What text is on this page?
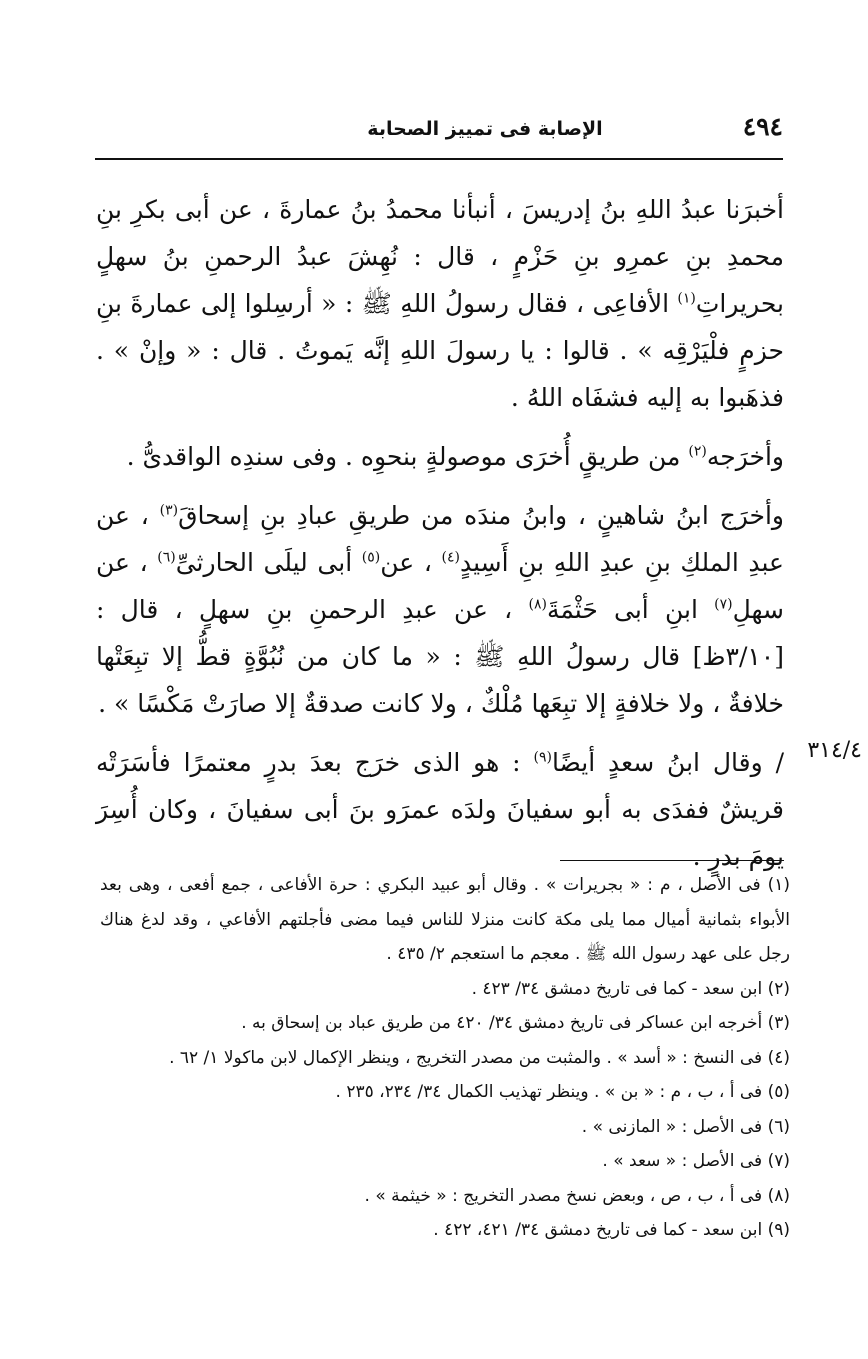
٤٩٤
الإصابة فى تمييز الصحابة

أخبرَنا عبدُ اللهِ بنُ إدريسَ ، أنبأنا محمدُ بنُ عمارةَ ، عن أبى بكرِ بنِ محمدِ بنِ عمرِو بنِ حَزْمٍ ، قال : نُهِشَ عبدُ الرحمنِ بنُ سهلٍ بحريراتِ$^{(١)}$ الأفاعِى ، فقال رسولُ اللهِ ﷺ : « أرسِلوا إلى عمارةَ بنِ حزمٍ فلْيَرْقِه » . قالوا : يا رسولَ اللهِ إنَّه يَموتُ . قال : « وإنْ » . فذهَبوا به إليه فشفَاه اللهُ .

وأخرَجه$^{(٢)}$ من طريقٍ أُخرَى موصولةٍ بنحوِه . وفى سندِه الواقدىُّ .

وأخرَج ابنُ شاهينٍ ، وابنُ مندَه من طريقِ عبادِ بنِ إسحاقَ$^{(٣)}$ ، عن عبدِ الملكِ بنِ عبدِ اللهِ بنِ أَسِيدٍ$^{(٤)}$ ، عن$^{(٥)}$ أبى ليلَى الحارثىِّ$^{(٦)}$ ، عن سهلِ$^{(٧)}$ ابنِ أبى حَثْمَةَ$^{(٨)}$ ، عن عبدِ الرحمنِ بنِ سهلٍ ، قال : [٣/١٠ظ] قال رسولُ اللهِ ﷺ : « ما كان من نُبُوَّةٍ قطُّ إلا تبِعَتْها خلافةٌ ، ولا خلافةٍ إلا تبِعَها مُلْكٌ ، ولا كانت صدقةٌ إلا صارَتْ مَكْسًا » .

/ وقال ابنُ سعدٍ أيضًا$^{(٩)}$ : هو الذى خرَج بعدَ بدرٍ معتمرًا فأسَرَتْه قريشٌ ففدَى به أبو سفيانَ ولدَه عمرَو بنَ أبى سفيانَ ، وكان أُسِرَ يومَ بدرٍ .

٣١٤/٤

(١) فى الأصل ، م : « بجريرات » . وقال أبو عبيد البكري : حرة الأفاعى ، جمع أفعى ، وهى بعد الأبواء بثمانية أميال مما يلى مكة كانت منزلا للناس فيما مضى فأجلتهم الأفاعي ، وقد لدغ هناك رجل على عهد رسول الله ﷺ . معجم ما استعجم ٢/ ٤٣٥ .

(٢) ابن سعد - كما فى تاريخ دمشق ٣٤/ ٤٢٣ .

(٣) أخرجه ابن عساكر فى تاريخ دمشق ٣٤/ ٤٢٠ من طريق عباد بن إسحاق به .

(٤) فى النسخ : « أسد » . والمثبت من مصدر التخريج ، وينظر الإكمال لابن ماكولا ١/ ٦٢ .

(٥) فى أ ، ب ، م : « بن » . وينظر تهذيب الكمال ٣٤/ ٢٣٤، ٢٣٥ .

(٦) فى الأصل : « المازنى » .

(٧) فى الأصل : « سعد » .

(٨) فى أ ، ب ، ص ، وبعض نسخ مصدر التخريج : « خيثمة » .

(٩) ابن سعد - كما فى تاريخ دمشق ٣٤/ ٤٢١، ٤٢٢ .
